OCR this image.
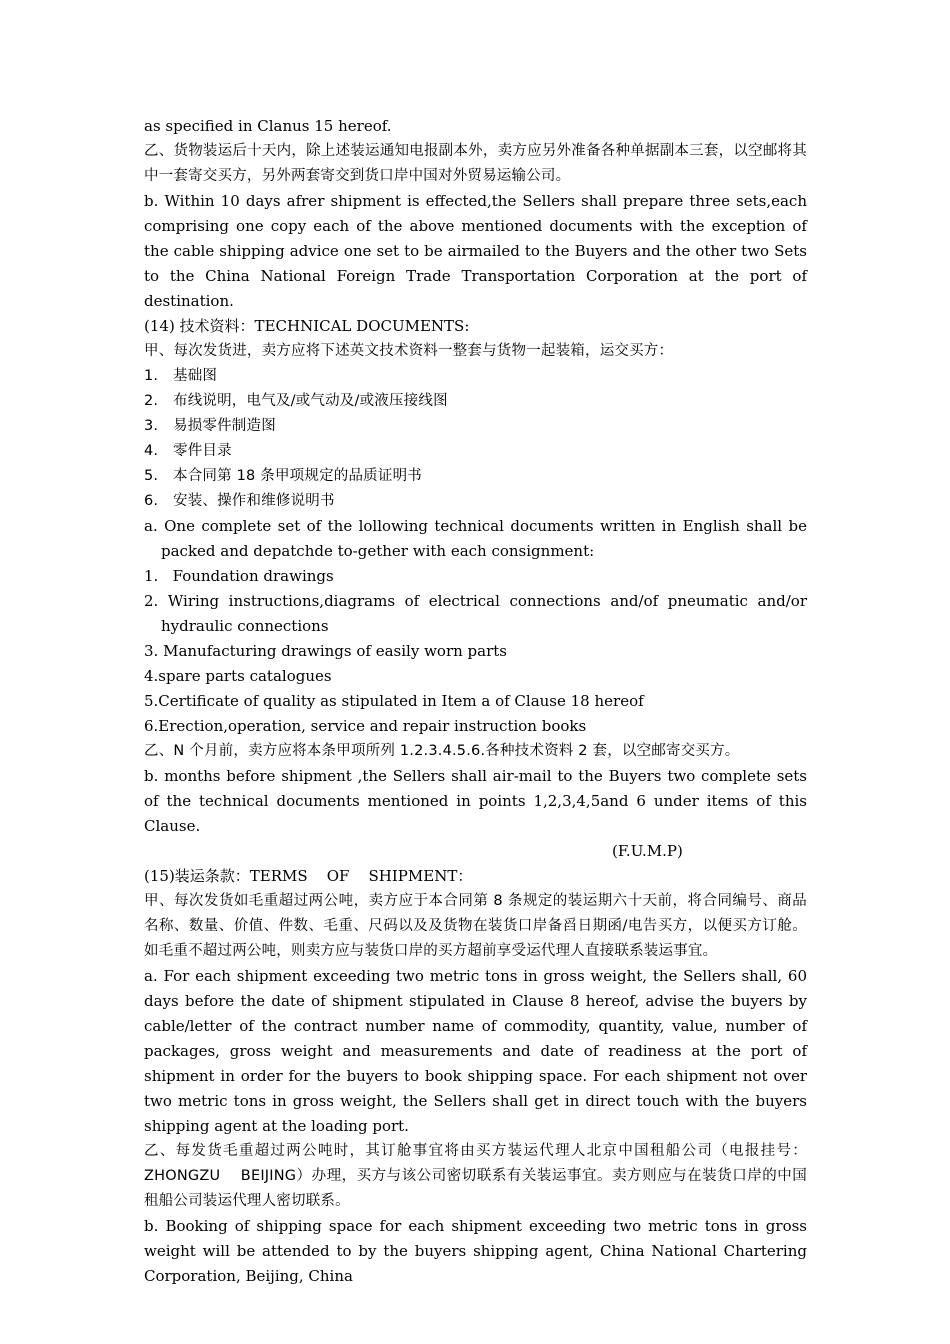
as specified in Clanus 15 hereof.

乙、货物装运后十天内，除上述装运通知电报副本外，卖方应另外准备各种单据副本三套，以空邮将其中一套寄交买方，另外两套寄交到货口岸中国对外贸易运输公司。

b. Within 10 days afrer shipment is effected,the Sellers shall prepare three sets,each comprising one copy each of the above mentioned documents with the exception of the cable shipping advice one set to be airmailed to the Buyers and the other two Sets to the China National Foreign Trade Transportation Corporation at the port of destination.

(14) 技术资料：TECHNICAL DOCUMENTS:

甲、每次发货进，卖方应将下述英文技术资料一整套与货物一起装箱，运交买方：

1. 基础图

2. 布线说明，电气及/或气动及/或液压接线图

3. 易损零件制造图

4. 零件目录

5. 本合同第 18 条甲项规定的品质证明书

6. 安装、操作和维修说明书

a. One complete set of the lollowing technical documents written in English shall be packed and depatchde to-gether with each consignment:

1.   Foundation drawings

2. Wiring instructions,diagrams of electrical connections and/of pneumatic and/or hydraulic connections

3. Manufacturing drawings of easily worn parts

4.spare parts catalogues

5.Certificate of quality as stipulated in Item a of Clause 18 hereof

6.Erection,operation, service and repair instruction books

乙、N 个月前，卖方应将本条甲项所列 1.2.3.4.5.6.各种技术资料 2 套，以空邮寄交买方。

b. months before shipment ,the Sellers shall air-mail to the Buyers two complete sets of the technical documents mentioned in points 1,2,3,4,5and 6 under items of this Clause.

(F.U.M.P)

(15)装运条款：TERMS    OF    SHIPMENT：

甲、每次发货如毛重超过两公吨，卖方应于本合同第 8 条规定的装运期六十天前，将合同编号、商品名称、数量、价值、件数、毛重、尺码以及及货物在装货口岸备舀日期函/电告买方，以便买方订舱。如毛重不超过两公吨，则卖方应与装货口岸的买方超前享受运代理人直接联系装运事宜。

a. For each shipment exceeding two metric tons in gross weight, the Sellers shall, 60 days before the date of shipment stipulated in Clause 8 hereof, advise the buyers by cable/letter of the contract number name of commodity, quantity, value, number of packages, gross weight and measurements and date of readiness at the port of shipment in order for the buyers to book shipping space. For each shipment not over two metric tons in gross weight, the Sellers shall get in direct touch with the buyers shipping agent at the loading port.

乙、每发货毛重超过两公吨时，其订舱事宜将由买方装运代理人北京中国租船公司（电报挂号：ZHONGZU    BEIJING）办理，买方与该公司密切联系有关装运事宜。卖方则应与在装货口岸的中国租船公司装运代理人密切联系。

b. Booking of shipping space for each shipment exceeding two metric tons in gross weight will be attended to by the buyers shipping agent, China National Chartering Corporation, Beijing, China
